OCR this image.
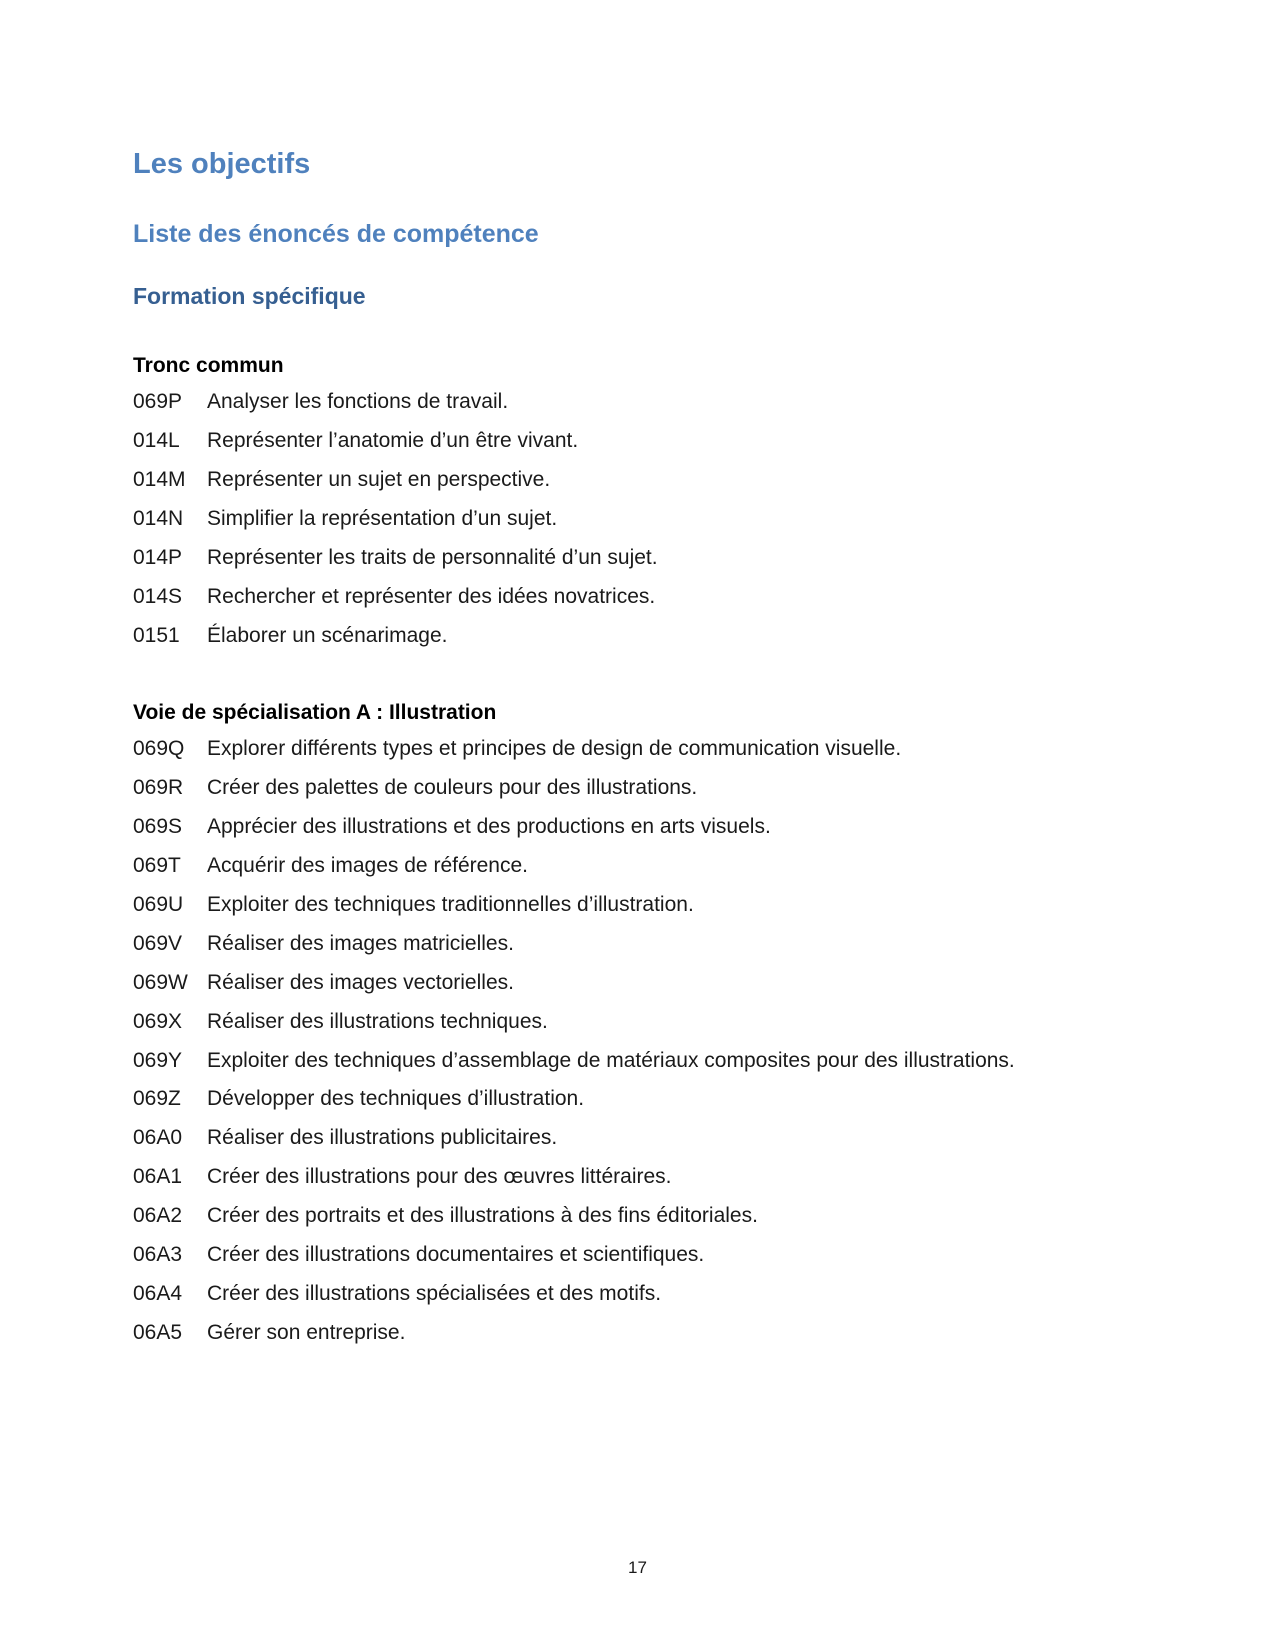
Les objectifs
Liste des énoncés de compétence
Formation spécifique
Tronc commun
069P	Analyser les fonctions de travail.
014L	Représenter l’anatomie d’un être vivant.
014M	Représenter un sujet en perspective.
014N	Simplifier la représentation d’un sujet.
014P	Représenter les traits de personnalité d’un sujet.
014S	Rechercher et représenter des idées novatrices.
0151	Élaborer un scénarimage.
Voie de spécialisation A : Illustration
069Q	Explorer différents types et principes de design de communication visuelle.
069R	Créer des palettes de couleurs pour des illustrations.
069S	Apprécier des illustrations et des productions en arts visuels.
069T	Acquérir des images de référence.
069U	Exploiter des techniques traditionnelles d’illustration.
069V	Réaliser des images matricielles.
069W Réaliser des images vectorielles.
069X	Réaliser des illustrations techniques.
069Y	Exploiter des techniques d’assemblage de matériaux composites pour des illustrations.
069Z	Développer des techniques d’illustration.
06A0	Réaliser des illustrations publicitaires.
06A1	Créer des illustrations pour des œuvres littéraires.
06A2	Créer des portraits et des illustrations à des fins éditoriales.
06A3	Créer des illustrations documentaires et scientifiques.
06A4	Créer des illustrations spécialisées et des motifs.
06A5	Gérer son entreprise.
17
